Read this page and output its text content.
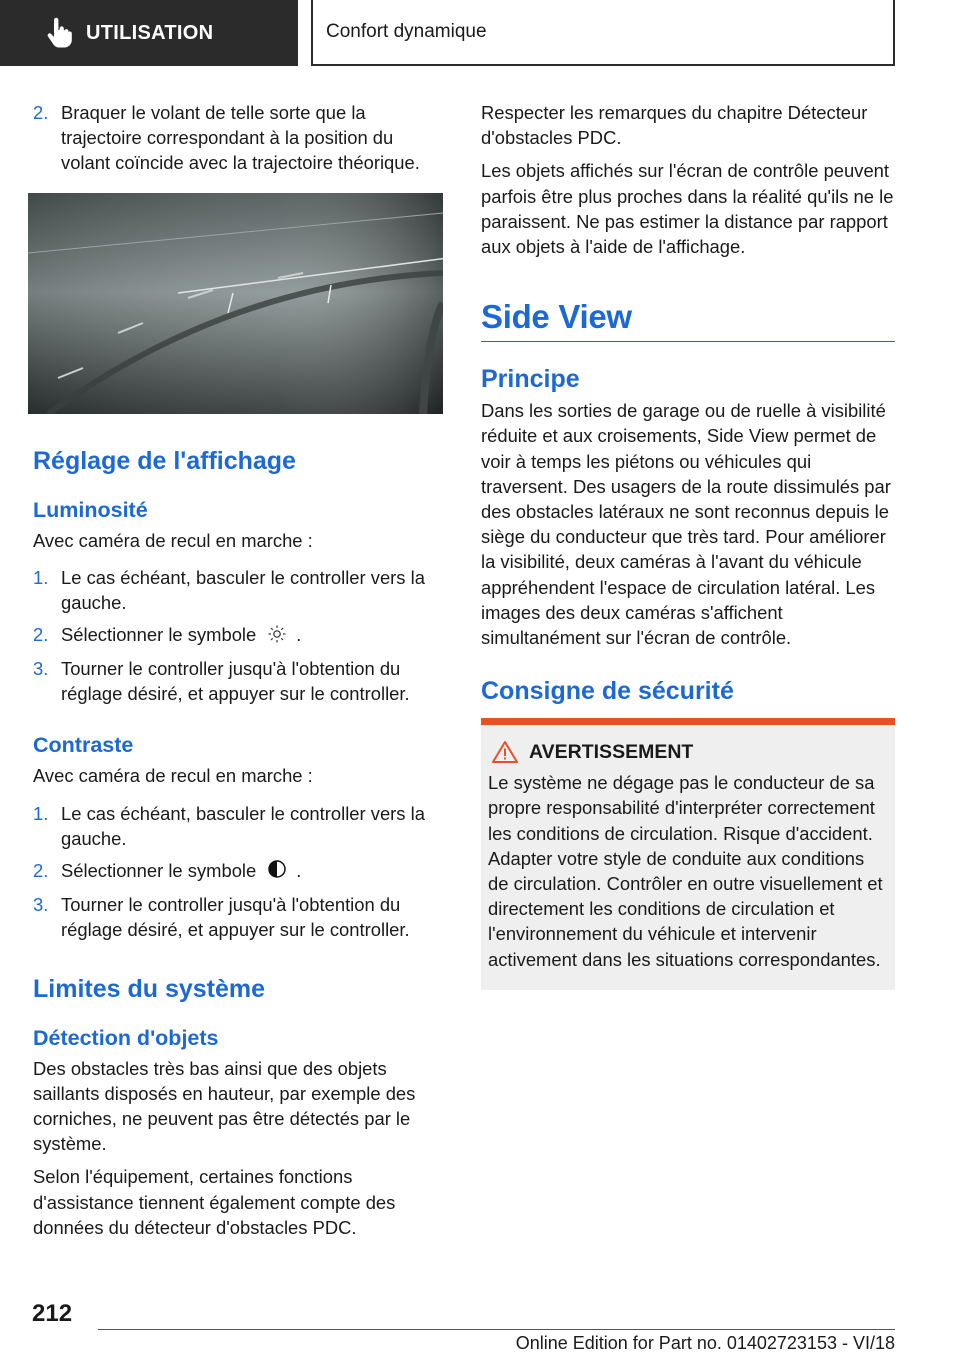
UTILISATION	Confort dynamique
2. Braquer le volant de telle sorte que la trajectoire correspondant à la position du volant coïncide avec la trajectoire théorique.
Réglage de l'affichage
Luminosité

Avec caméra de recul en marche :

1. Le cas échéant, basculer le controller vers la gauche.
2. Sélectionner le symbole .
3. Tourner le controller jusqu'à l'obtention du réglage désiré, et appuyer sur le controller.
Contraste

Avec caméra de recul en marche :

1. Le cas échéant, basculer le controller vers la gauche.
2. Sélectionner le symbole .
3. Tourner le controller jusqu'à l'obtention du réglage désiré, et appuyer sur le controller.
Limites du système
Détection d'objets

Des obstacles très bas ainsi que des objets saillants disposés en hauteur, par exemple des corniches, ne peuvent pas être détectés par le système.

Selon l'équipement, certaines fonctions d'assistance tiennent également compte des données du détecteur d'obstacles PDC.

Respecter les remarques du chapitre Détecteur d'obstacles PDC.

Les objets affichés sur l'écran de contrôle peuvent parfois être plus proches dans la réalité qu'ils ne le paraissent. Ne pas estimer la distance par rapport aux objets à l'aide de l'affichage.

Side View
Principe

Dans les sorties de garage ou de ruelle à visibilité réduite et aux croisements, Side View permet de voir à temps les piétons ou véhicules qui traversent. Des usagers de la route dissimulés par des obstacles latéraux ne sont reconnus depuis le siège du conducteur que très tard. Pour améliorer la visibilité, deux caméras à l'avant du véhicule appréhendent l'espace de circulation latéral. Les images des deux caméras s'affichent simultanément sur l'écran de contrôle.

Consigne de sécurité
AVERTISSEMENT
Le système ne dégage pas le conducteur de sa propre responsabilité d'interpréter correctement les conditions de circulation. Risque d'accident. Adapter votre style de conduite aux conditions de circulation. Contrôler en outre visuellement et directement les conditions de circulation et l'environnement du véhicule et intervenir activement dans les situations correspondantes.
212
Online Edition for Part no. 01402723153 - VI/18
